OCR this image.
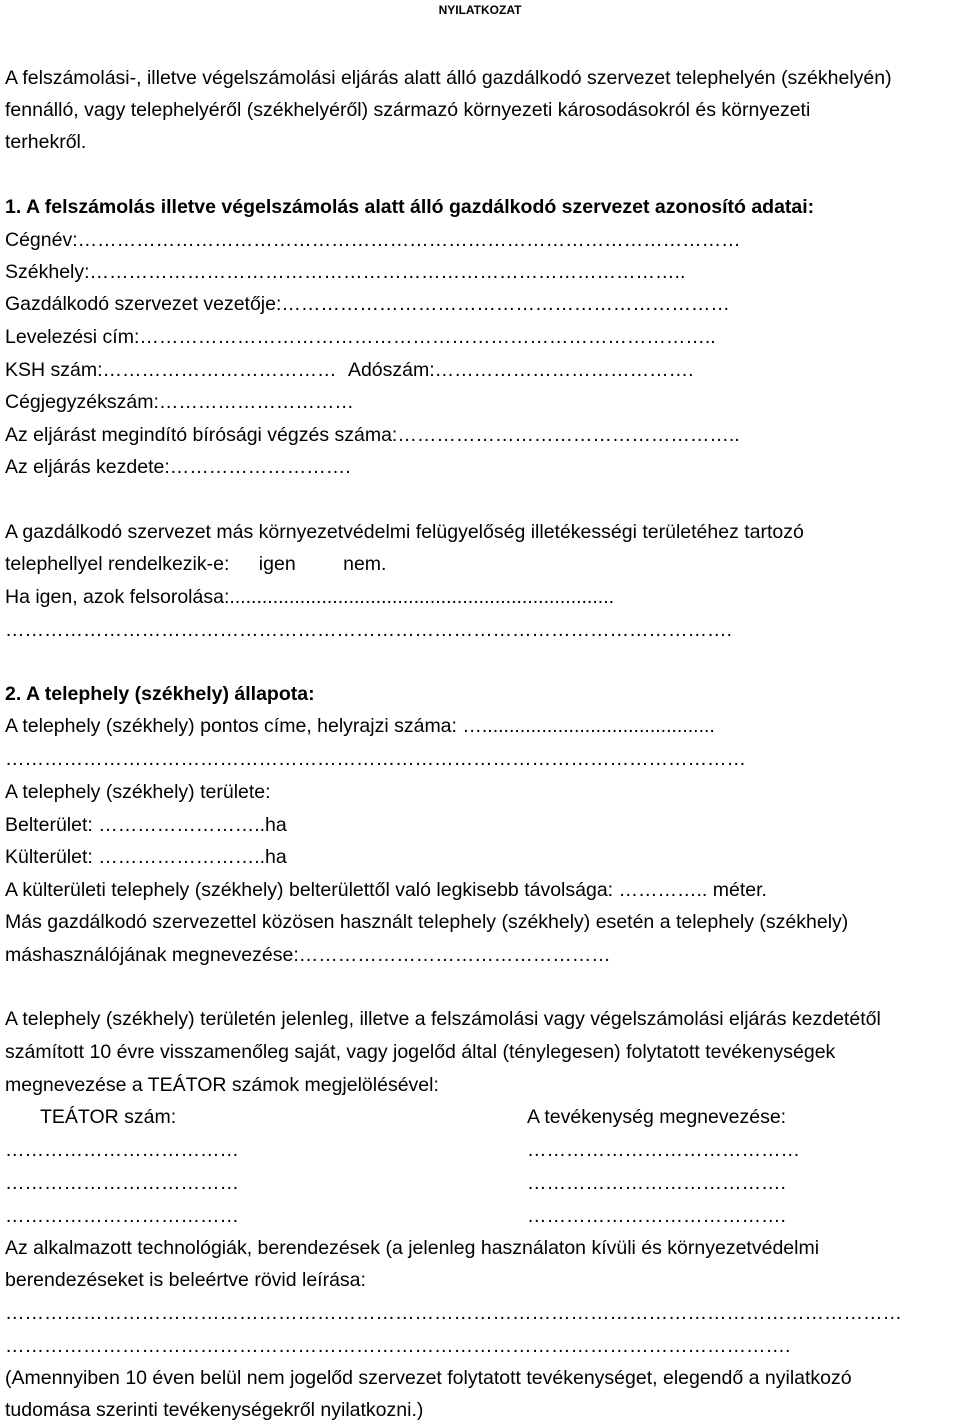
NYILATKOZAT
A felszámolási-, illetve végelszámolási eljárás alatt álló gazdálkodó szervezet telephelyén (székhelyén)
fennálló, vagy telephelyéről (székhelyéről) származó környezeti károsodásokról és környezeti
terhekről.
1. A felszámolás illetve végelszámolás alatt álló gazdálkodó szervezet azonosító adatai:
Cégnév:…………………………………………………………………………………………
Székhely:………………………………………………………………………………..
Gazdálkodó szervezet vezetője:……………………………………………………………
Levelezési cím:……………………………………………………………………………..
KSH szám:……………………………… Adószám:………………………………….
Cégjegyzékszám:…………………………
Az eljárást megindító bírósági végzés száma:……………………………………………..
Az eljárás kezdete:……………………….
A gazdálkodó szervezet más környezetvédelmi felügyelőség illetékességi területéhez tartozó
telephellyel rendelkezik-e: igen nem.
Ha igen, azok felsorolása:.......................................................................
………………………………………………………………………………………………….
2. A telephely (székhely) állapota:
A telephely (székhely) pontos címe, helyrajzi száma: …...........................................
……………………………………………………………………………………………………
A telephely (székhely) területe:
Belterület: ……………………..ha
Külterület: ……………………..ha
A külterületi telephely (székhely) belterülettől való legkisebb távolsága: ………….. méter.
Más gazdálkodó szervezettel közösen használt telephely (székhely) esetén a telephely (székhely)
máshasználójának megnevezése:…………………………………………
A telephely (székhely) területén jelenleg, illetve a felszámolási vagy végelszámolási eljárás kezdetétől
számított 10 évre visszamenőleg saját, vagy jogelőd által (ténylegesen) folytatott tevékenységek
megnevezése a TEÁTOR számok megjelölésével:
TEÁTOR szám:	A tevékenység megnevezése:
………………………………	……………………………………
………………………………	………………………………….
………………………………	………………………………….
Az alkalmazott technológiák, berendezések (a jelenleg használaton kívüli és környezetvédelmi
berendezéseket is beleértve rövid leírása:
…………………………………………………………………………………………………………………………
………………………………………………………………………………………………………….
(Amennyiben 10 éven belül nem jogelőd szervezet folytatott tevékenységet, elegendő a nyilatkozó
tudomása szerinti tevékenységekről nyilatkozni.)
